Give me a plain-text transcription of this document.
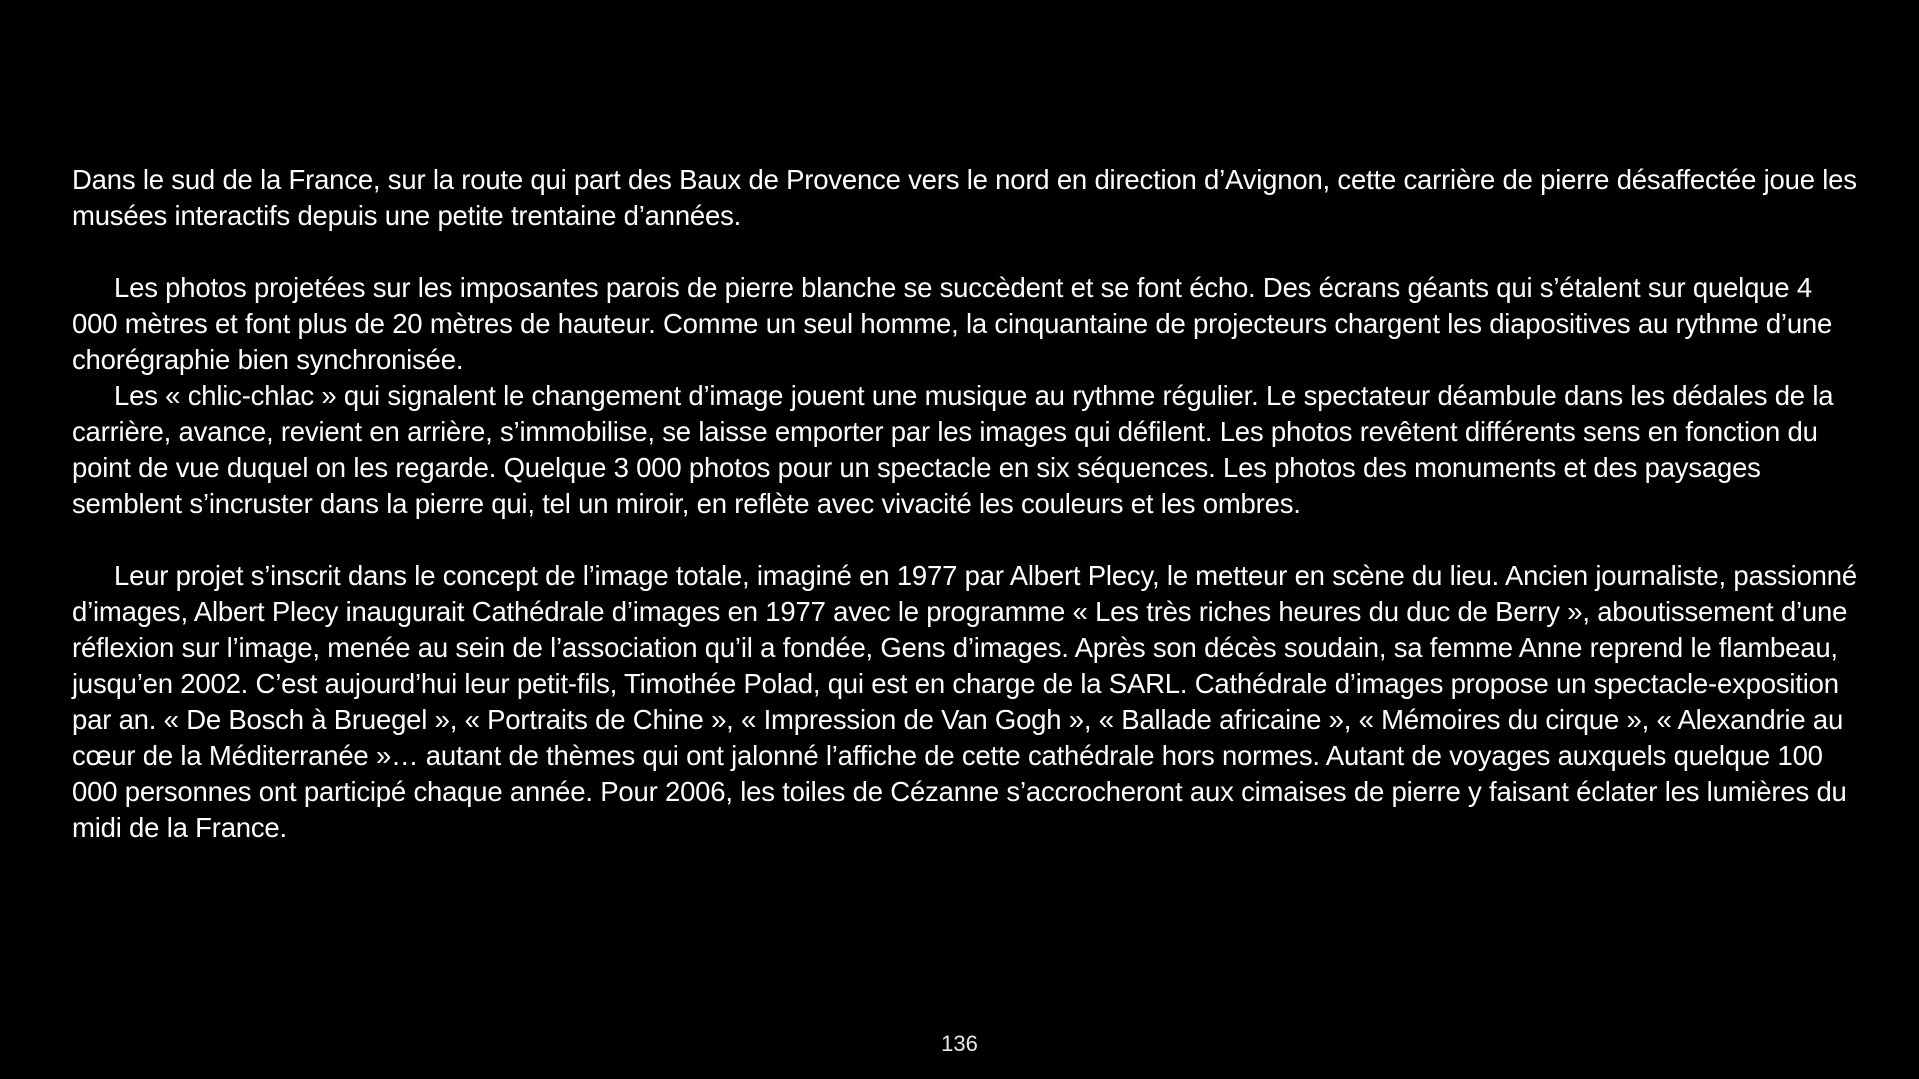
Dans le sud de la France, sur la route qui part des Baux de Provence vers le nord en direction d’Avignon, cette carrière de pierre désaffectée joue les musées interactifs depuis une petite trentaine d’années.

Les photos projetées sur les imposantes parois de pierre blanche se succèdent et se font écho. Des écrans géants qui s’étalent sur quelque 4 000 mètres et font plus de 20 mètres de hauteur. Comme un seul homme, la cinquantaine de projecteurs chargent les diapositives au rythme d’une chorégraphie bien synchronisée.

Les « chlic-chlac » qui signalent le changement d’image jouent une musique au rythme régulier. Le spectateur déambule dans les dédales de la carrière, avance, revient en arrière, s’immobilise, se laisse emporter par les images qui défilent. Les photos revêtent différents sens en fonction du point de vue duquel on les regarde. Quelque 3 000 photos pour un spectacle en six séquences. Les photos des monuments et des paysages semblent s’incruster dans la pierre qui, tel un miroir, en reflète avec vivacité les couleurs et les ombres.

Leur projet s’inscrit dans le concept de l’image totale, imaginé en 1977 par Albert Plecy, le metteur en scène du lieu. Ancien journaliste, passionné d’images, Albert Plecy inaugurait Cathédrale d’images en 1977 avec le programme « Les très riches heures du duc de Berry », aboutissement d’une réflexion sur l’image, menée au sein de l’association qu’il a fondée, Gens d’images. Après son décès soudain, sa femme Anne reprend le flambeau, jusqu’en 2002. C’est aujourd’hui leur petit-fils, Timothée Polad, qui est en charge de la SARL. Cathédrale d’images propose un spectacle-exposition par an. « De Bosch à Bruegel », « Portraits de Chine », « Impression de Van Gogh », « Ballade africaine », « Mémoires du cirque », « Alexandrie au cœur de la Méditerranée »… autant de thèmes qui ont jalonné l’affiche de cette cathédrale hors normes. Autant de voyages auxquels quelque 100 000 personnes ont participé chaque année. Pour 2006, les toiles de Cézanne s’accrocheront aux cimaises de pierre y faisant éclater les lumières du midi de la France.

136
